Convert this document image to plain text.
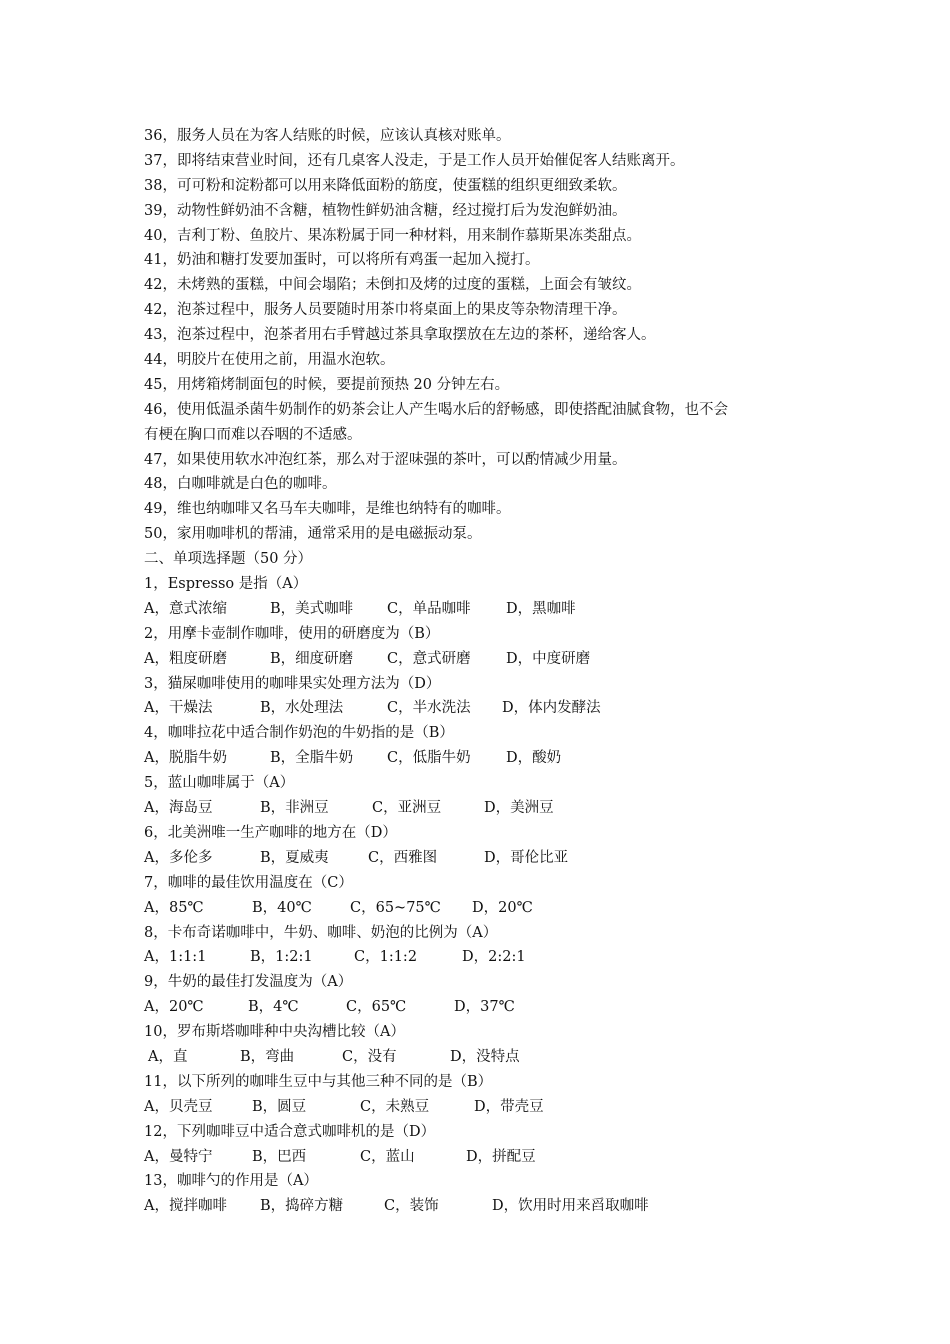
36，服务人员在为客人结账的时候，应该认真核对账单。
37，即将结束营业时间，还有几桌客人没走，于是工作人员开始催促客人结账离开。
38，可可粉和淀粉都可以用来降低面粉的筋度，使蛋糕的组织更细致柔软。
39，动物性鲜奶油不含糖，植物性鲜奶油含糖，经过搅打后为发泡鲜奶油。
40，吉利丁粉、鱼胶片、果冻粉属于同一种材料，用来制作慕斯果冻类甜点。
41，奶油和糖打发要加蛋时，可以将所有鸡蛋一起加入搅打。
42，未烤熟的蛋糕，中间会塌陷；未倒扣及烤的过度的蛋糕，上面会有皱纹。
42，泡茶过程中，服务人员要随时用茶巾将桌面上的果皮等杂物清理干净。
43，泡茶过程中，泡茶者用右手臂越过茶具拿取摆放在左边的茶杯，递给客人。
44，明胶片在使用之前，用温水泡软。
45，用烤箱烤制面包的时候，要提前预热 20 分钟左右。
46，使用低温杀菌牛奶制作的奶茶会让人产生喝水后的舒畅感，即使搭配油腻食物，也不会
有梗在胸口而难以吞咽的不适感。
47，如果使用软水冲泡红茶，那么对于涩味强的茶叶，可以酌情减少用量。
48，白咖啡就是白色的咖啡。
49，维也纳咖啡又名马车夫咖啡，是维也纳特有的咖啡。
50，家用咖啡机的帮浦，通常采用的是电磁振动泵。
二、单项选择题（50 分）
1，Espresso 是指（A）
A，意式浓缩	B，美式咖啡 C，单品咖啡 D，黑咖啡
2，用摩卡壶制作咖啡，使用的研磨度为（B）
A，粗度研磨	B，细度研磨 C，意式研磨 D，中度研磨
3，猫屎咖啡使用的咖啡果实处理方法为（D）
A，干燥法	B，水处理法	C，半水洗法 D，体内发酵法
4，咖啡拉花中适合制作奶泡的牛奶指的是（B）
A，脱脂牛奶	B，全脂牛奶 C，低脂牛奶 D，酸奶
5，蓝山咖啡属于（A）
A，海岛豆	B，非洲豆	C，亚洲豆	D，美洲豆
6，北美洲唯一生产咖啡的地方在（D）
A，多伦多	B，夏威夷	C，西雅图	D，哥伦比亚
7，咖啡的最佳饮用温度在（C）
A，85℃	B，40℃	C，65~75℃ D，20℃
8，卡布奇诺咖啡中，牛奶、咖啡、奶泡的比例为（A）
A，1:1:1	B，1:2:1	C，1:1:2	D，2:2:1
9，牛奶的最佳打发温度为（A）
A，20℃	B，4℃	C，65℃	D，37℃
10，罗布斯塔咖啡种中央沟槽比较（A）
A，直	B，弯曲	C，没有	D，没特点
11，以下所列的咖啡生豆中与其他三种不同的是（B）
A，贝壳豆	B，圆豆	C，未熟豆	D，带壳豆
12，下列咖啡豆中适合意式咖啡机的是（D）
A，曼特宁	B，巴西	C，蓝山	D，拼配豆
13，咖啡勺的作用是（A）
A，搅拌咖啡 B，捣碎方糖	C，装饰	D，饮用时用来舀取咖啡
